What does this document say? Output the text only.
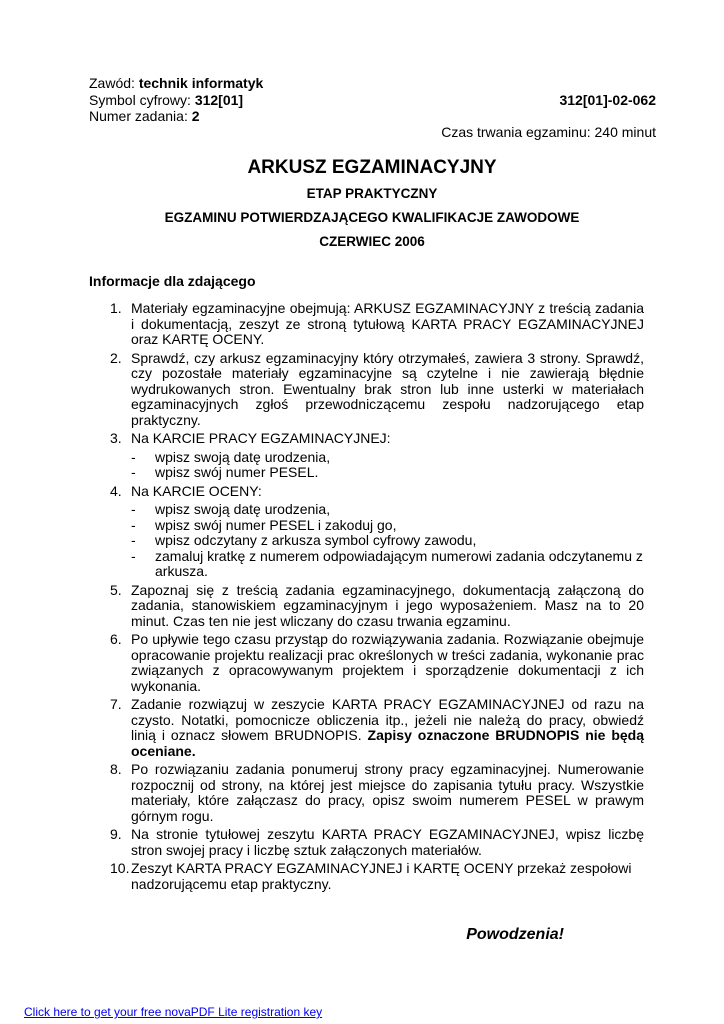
Zawód: technik informatyk
Symbol cyfrowy: 312[01]
Numer zadania: 2
312[01]-02-062
Czas trwania egzaminu: 240 minut
ARKUSZ EGZAMINACYJNY
ETAP PRAKTYCZNY
EGZAMINU POTWIERDZAJĄCEGO KWALIFIKACJE ZAWODOWE
CZERWIEC 2006
Informacje dla zdającego
1. Materiały egzaminacyjne obejmują: ARKUSZ EGZAMINACYJNY z treścią zadania i dokumentacją, zeszyt ze stroną tytułową KARTA PRACY EGZAMINACYJNEJ oraz KARTĘ OCENY.
2. Sprawdź, czy arkusz egzaminacyjny który otrzymałeś, zawiera 3 strony. Sprawdź, czy pozostałe materiały egzaminacyjne są czytelne i nie zawierają błędnie wydrukowanych stron. Ewentualny brak stron lub inne usterki w materiałach egzaminacyjnych zgłoś przewodniczącemu zespołu nadzorującego etap praktyczny.
3. Na KARCIE PRACY EGZAMINACYJNEJ:
- wpisz swoją datę urodzenia,
- wpisz swój numer PESEL.
4. Na KARCIE OCENY:
- wpisz swoją datę urodzenia,
- wpisz swój numer PESEL i zakoduj go,
- wpisz odczytany z arkusza symbol cyfrowy zawodu,
- zamaluj kratkę z numerem odpowiadającym numerowi zadania odczytanemu z arkusza.
5. Zapoznaj się z treścią zadania egzaminacyjnego, dokumentacją załączoną do zadania, stanowiskiem egzaminacyjnym i jego wyposażeniem. Masz na to 20 minut. Czas ten nie jest wliczany do czasu trwania egzaminu.
6. Po upływie tego czasu przystąp do rozwiązywania zadania. Rozwiązanie obejmuje opracowanie projektu realizacji prac określonych w treści zadania, wykonanie prac związanych z opracowywanym projektem i sporządzenie dokumentacji z ich wykonania.
7. Zadanie rozwiązuj w zeszycie KARTA PRACY EGZAMINACYJNEJ od razu na czysto. Notatki, pomocnicze obliczenia itp., jeżeli nie należą do pracy, obwiedź linią i oznacz słowem BRUDNOPIS. Zapisy oznaczone BRUDNOPIS nie będą oceniane.
8. Po rozwiązaniu zadania ponumeruj strony pracy egzaminacyjnej. Numerowanie rozpocznij od strony, na której jest miejsce do zapisania tytułu pracy. Wszystkie materiały, które załączasz do pracy, opisz swoim numerem PESEL w prawym górnym rogu.
9. Na stronie tytułowej zeszytu KARTA PRACY EGZAMINACYJNEJ, wpisz liczbę stron swojej pracy i liczbę sztuk załączonych materiałów.
10. Zeszyt KARTA PRACY EGZAMINACYJNEJ i KARTĘ OCENY przekaż zespołowi nadzorującemu etap praktyczny.
Powodzenia!
Click here to get your free novaPDF Lite registration key
